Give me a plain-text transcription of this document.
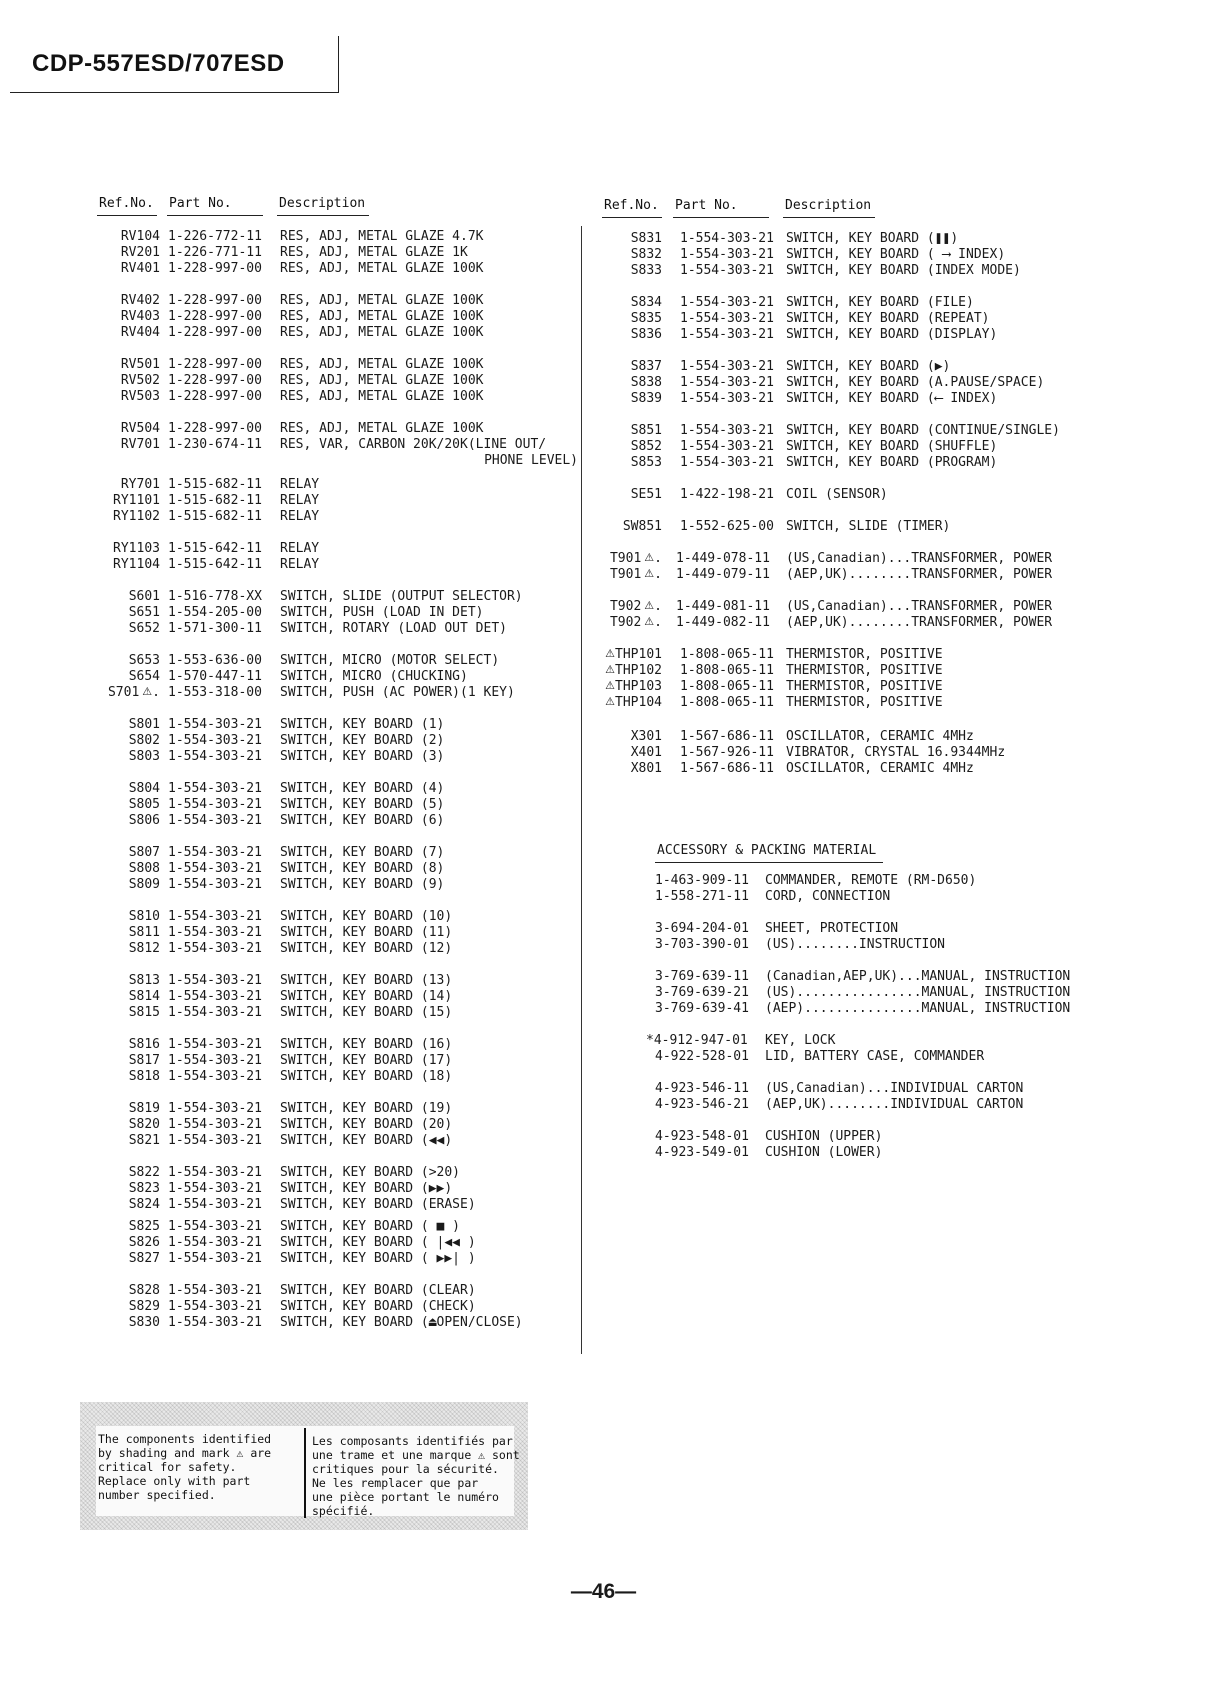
CDP-557ESD/707ESD
Ref.No. Part No.	Description	Ref.No. Part No.	Description
RV104 1-226-772-11 RES, ADJ, METAL GLAZE 4.7K
RV201 1-226-771-11 RES, ADJ, METAL GLAZE 1K
RV401 1-228-997-00 RES, ADJ, METAL GLAZE 100K
RV402 1-228-997-00 RES, ADJ, METAL GLAZE 100K
RV403 1-228-997-00 RES, ADJ, METAL GLAZE 100K
RV404 1-228-997-00 RES, ADJ, METAL GLAZE 100K
RV501 1-228-997-00 RES, ADJ, METAL GLAZE 100K
RV502 1-228-997-00 RES, ADJ, METAL GLAZE 100K
RV503 1-228-997-00 RES, ADJ, METAL GLAZE 100K
RV504 1-228-997-00 RES, ADJ, METAL GLAZE 100K
RV701 1-230-674-11 RES, VAR, CARBON 20K/20K(LINE OUT/
PHONE LEVEL)
RY701 1-515-682-11 RELAY
RY1101 1-515-682-11 RELAY
RY1102 1-515-682-11 RELAY
RY1103 1-515-642-11 RELAY
RY1104 1-515-642-11 RELAY
S601 1-516-778-XX SWITCH, SLIDE (OUTPUT SELECTOR)
S651 1-554-205-00 SWITCH, PUSH (LOAD IN DET)
S652 1-571-300-11 SWITCH, ROTARY (LOAD OUT DET)
S653 1-553-636-00 SWITCH, MICRO (MOTOR SELECT)
S654 1-570-447-11 SWITCH, MICRO (CHUCKING)
S701 ⚠. 1-553-318-00 SWITCH, PUSH (AC POWER)(1 KEY)
S801 1-554-303-21 SWITCH, KEY BOARD (1)
S802 1-554-303-21 SWITCH, KEY BOARD (2)
S803 1-554-303-21 SWITCH, KEY BOARD (3)
S804 1-554-303-21 SWITCH, KEY BOARD (4)
S805 1-554-303-21 SWITCH, KEY BOARD (5)
S806 1-554-303-21 SWITCH, KEY BOARD (6)
S807 1-554-303-21 SWITCH, KEY BOARD (7)
S808 1-554-303-21 SWITCH, KEY BOARD (8)
S809 1-554-303-21 SWITCH, KEY BOARD (9)
S810 1-554-303-21 SWITCH, KEY BOARD (10)
S811 1-554-303-21 SWITCH, KEY BOARD (11)
S812 1-554-303-21 SWITCH, KEY BOARD (12)
S813 1-554-303-21 SWITCH, KEY BOARD (13)
S814 1-554-303-21 SWITCH, KEY BOARD (14)
S815 1-554-303-21 SWITCH, KEY BOARD (15)
S816 1-554-303-21 SWITCH, KEY BOARD (16)
S817 1-554-303-21 SWITCH, KEY BOARD (17)
S818 1-554-303-21 SWITCH, KEY BOARD (18)
S819 1-554-303-21 SWITCH, KEY BOARD (19)
S820 1-554-303-21 SWITCH, KEY BOARD (20)
S821 1-554-303-21 SWITCH, KEY BOARD (◀◀)
S822 1-554-303-21 SWITCH, KEY BOARD (>20)
S823 1-554-303-21 SWITCH, KEY BOARD (▶▶)
S824 1-554-303-21 SWITCH, KEY BOARD (ERASE)
S825 1-554-303-21 SWITCH, KEY BOARD ( ■ )
S826 1-554-303-21 SWITCH, KEY BOARD ( |◀◀ )
S827 1-554-303-21 SWITCH, KEY BOARD ( ▶▶| )
S828 1-554-303-21 SWITCH, KEY BOARD (CLEAR)
S829 1-554-303-21 SWITCH, KEY BOARD (CHECK)
S830 1-554-303-21 SWITCH, KEY BOARD (⏏OPEN/CLOSE)
S831 1-554-303-21 SWITCH, KEY BOARD (❚❚)
S832 1-554-303-21 SWITCH, KEY BOARD ( ⟶ INDEX)
S833 1-554-303-21 SWITCH, KEY BOARD (INDEX MODE)
S834 1-554-303-21 SWITCH, KEY BOARD (FILE)
S835 1-554-303-21 SWITCH, KEY BOARD (REPEAT)
S836 1-554-303-21 SWITCH, KEY BOARD (DISPLAY)
S837 1-554-303-21 SWITCH, KEY BOARD (▶)
S838 1-554-303-21 SWITCH, KEY BOARD (A.PAUSE/SPACE)
S839 1-554-303-21 SWITCH, KEY BOARD (⟵ INDEX)
S851 1-554-303-21 SWITCH, KEY BOARD (CONTINUE/SINGLE)
S852 1-554-303-21 SWITCH, KEY BOARD (SHUFFLE)
S853 1-554-303-21 SWITCH, KEY BOARD (PROGRAM)
SE51 1-422-198-21 COIL (SENSOR)
SW851 1-552-625-00 SWITCH, SLIDE (TIMER)
T901 ⚠. 1-449-078-11 (US,Canadian)...TRANSFORMER, POWER
T901 ⚠. 1-449-079-11 (AEP,UK)........TRANSFORMER, POWER
T902 ⚠. 1-449-081-11 (US,Canadian)...TRANSFORMER, POWER
T902 ⚠. 1-449-082-11 (AEP,UK)........TRANSFORMER, POWER
⚠THP101 1-808-065-11 THERMISTOR, POSITIVE
⚠THP102 1-808-065-11 THERMISTOR, POSITIVE
⚠THP103 1-808-065-11 THERMISTOR, POSITIVE
⚠THP104 1-808-065-11 THERMISTOR, POSITIVE
X301 1-567-686-11 OSCILLATOR, CERAMIC 4MHz
X401 1-567-926-11 VIBRATOR, CRYSTAL 16.9344MHz
X801 1-567-686-11 OSCILLATOR, CERAMIC 4MHz
ACCESSORY & PACKING MATERIAL
1-463-909-11 COMMANDER, REMOTE (RM-D650)
1-558-271-11 CORD, CONNECTION
3-694-204-01 SHEET, PROTECTION
3-703-390-01 (US)........INSTRUCTION
3-769-639-11 (Canadian,AEP,UK)...MANUAL, INSTRUCTION
3-769-639-21 (US)................MANUAL, INSTRUCTION
3-769-639-41 (AEP)...............MANUAL, INSTRUCTION
*4-912-947-01 KEY, LOCK
4-922-528-01 LID, BATTERY CASE, COMMANDER
4-923-546-11 (US,Canadian)...INDIVIDUAL CARTON
4-923-546-21 (AEP,UK)........INDIVIDUAL CARTON
4-923-548-01 CUSHION (UPPER)
4-923-549-01 CUSHION (LOWER)
The components identified
by shading and mark ⚠ are
critical for safety.
Replace only with part
number specified.
Les composants identifiés par
une trame et une marque ⚠ sont
critiques pour la sécurité.
Ne les remplacer que par
une pièce portant le numéro
spécifié.
—46—
